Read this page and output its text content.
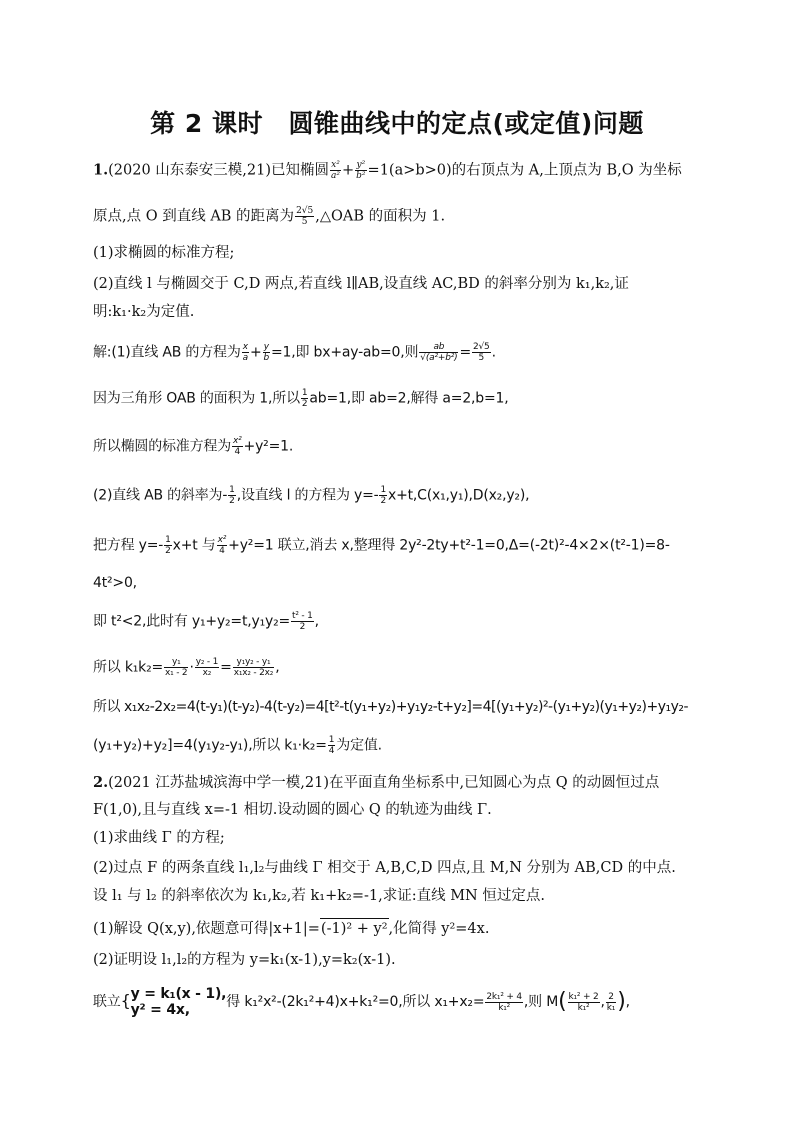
第 2 课时　圆锥曲线中的定点(或定值)问题
1.(2020 山东泰安三模,21)已知椭圆 $\frac{\text{x²}}{\text{a²}} + \frac{\text{y²}}{\text{b²}} =1(a>b>0)$的右顶点为 A,上顶点为 B,O 为坐标
原点,点 O 到直线 AB 的距离为 $\frac{2√5}{5}$ ,△OAB 的面积为 1.
(1)求椭圆的标准方程;
(2)直线 l 与椭圆交于 C,D 两点,若直线 l∥AB,设直线 AC,BD 的斜率分别为 k₁,k₂,证
明:k₁·k₂为定值.
解:(1)直线 AB 的方程为 $\frac{x}{a} + \frac{y}{b} =1$,即 bx+ay-ab=0,则 $\frac{ab}{\text{√(a²+b²)}} = \frac{2√5}{5}$ .
因为三角形 OAB 的面积为 1,所以 $\frac{1}{2} ab=1$,即 ab=2,解得 a=2,b=1,
所以椭圆的标准方程为 $\frac{\text{x²}}{4} +y^2=1$.
(2)直线 AB 的斜率为- $\frac{1}{2}$ ,设直线 l 的方程为 $y=- \frac{1}{2} x+t,C(x_1,y_1),D(x_2,y_2)$,
把方程 $y=- \frac{1}{2} x+t$ 与 $\frac{\text{x²}}{4} +y^2=1$ 联立,消去 x,整理得 2y²-2ty+t²-1=0,Δ=(-2t)²-4×2×(t²-1)=8-
4t²>0,
即 t²<2,此时有 $y_1+y_2=t,y_1y_2= \frac{\text{t² - 1}}{2}$ ,
所以 $k_1k_2= \frac{\text{y₁}}{\text{x₁ - 2}} \cdot \frac{\text{y₂ - 1}}{\text{x₂}} = \frac{\text{y₁y₂ - y₁}}{\text{x₁x₂ - 2x₂}}$ ,
所以 x₁x₂-2x₂=4(t-y₁)(t-y₂)-4(t-y₂)=4[t²-t(y₁+y₂)+y₁y₂-t+y₂]=4[(y₁+y₂)²-(y₁+y₂)(y₁+y₂)+y₁y₂-
(y₁+y₂)+y₂]=4(y₁y₂-y₁),所以 $k_1\cdot k_2= \frac{1}{4}$ 为定值.
2.(2021 江苏盐城滨海中学一模,21)在平面直角坐标系中,已知圆心为点 Q 的动圆恒过点
F(1,0),且与直线 x=-1 相切.设动圆的圆心 Q 的轨迹为曲线 Γ.
(1)求曲线 Γ 的方程;
(2)过点 F 的两条直线 l₁,l₂与曲线 Γ 相交于 A,B,C,D 四点,且 M,N 分别为 AB,CD 的中点.
设 l₁ 与 l₂ 的斜率依次为 k₁,k₂,若 k₁+k₂=-1,求证:直线 MN 恒过定点.
(1)解设 Q(x,y),依题意可得|x+1|=(-1)² + y²,化简得 y²=4x.
(2)证明设 l₁,l₂的方程为 y=k₁(x-1),y=k₂(x-1).
联立{ y = k₁(x - 1),
y² = 4x,	得 k₁²x²-(2k₁²+4)x+k₁²=0,所以 $x_1+x_2= \frac{\text{2k₁² + 4}}{\text{k₁²}}$ ,则 $M( \frac{\text{k₁² + 2}}{\text{k₁²}}$ , $\frac{2}{\text{k₁}}$ ),
